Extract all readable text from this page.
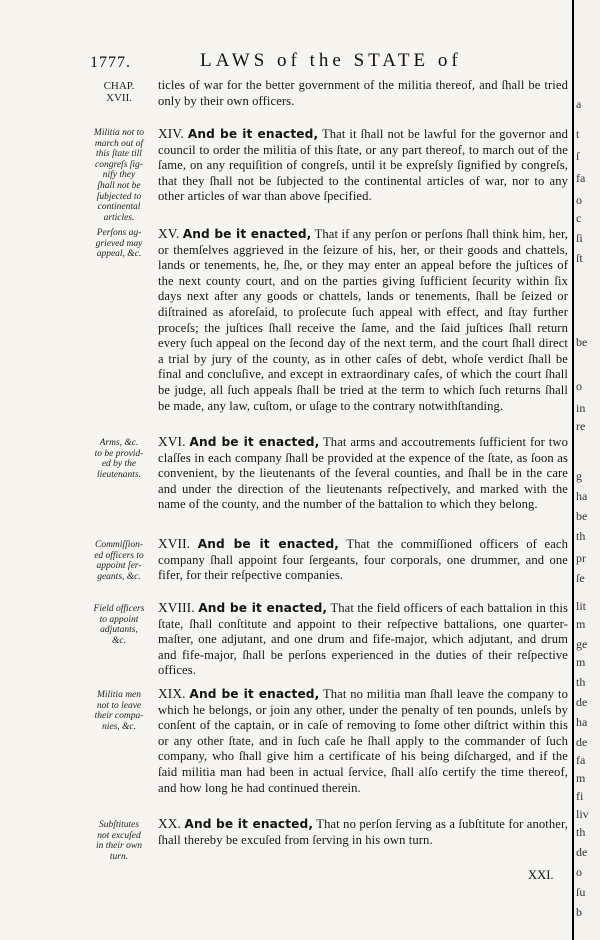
1777.	LAWS of the STATE of
CHAP.
XVII.
ticles of war for the better government of the militia thereof, and ſhall be tried only by their own officers.
Militia not to
march out of
this ſtate till
congreſs ſig-
nify they
ſhall not be
ſubjected to
continental
articles.
XIV. And be it enacted, That it ſhall not be lawful for the governor and council to order the militia of this ſtate, or any part thereof, to march out of the ſame, on any requiſition of congreſs, until it be expreſsly ſignified by congreſs, that they ſhall not be ſubjected to the continental articles of war, nor to any other articles of war than above ſpecified.
Perſons ag-
grieved may
appeal, &c.
XV. And be it enacted, That if any perſon or perſons ſhall think him, her, or themſelves aggrieved in the ſeizure of his, her, or their goods and chattels, lands or tenements, he, ſhe, or they may enter an appeal before the juſtices of the next county court, and on the parties giving ſufficient ſecurity within ſix days next after any goods or chattels, lands or tenements, ſhall be ſeized or diſtrained as aforeſaid, to proſecute ſuch appeal with effect, and ſtay further proceſs; the juſtices ſhall receive the ſame, and the ſaid juſtices ſhall return every ſuch appeal on the ſecond day of the next term, and the court ſhall direct a trial by jury of the county, as in other caſes of debt, whoſe verdict ſhall be final and concluſive, and except in extraordinary caſes, of which the court ſhall be judge, all ſuch appeals ſhall be tried at the term to which ſuch returns ſhall be made, any law, cuſtom, or uſage to the contrary notwithſtanding.
Arms, &c.
to be provid-
ed by the
lieutenants.
XVI. And be it enacted, That arms and accoutrements ſufficient for two claſſes in each company ſhall be provided at the expence of the ſtate, as ſoon as convenient, by the lieutenants of the ſeveral counties, and ſhall be in the care and under the direction of the lieutenants reſpectively, and marked with the name of the county, and the number of the battalion to which they belong.
Commiſſion-
ed officers to
appoint ſer-
geants, &c.
XVII. And be it enacted, That the commiſſioned officers of each company ſhall appoint four ſergeants, four corporals, one drummer, and one fifer, for their reſpective companies.
Field officers
to appoint
adjutants,
&c.
XVIII. And be it enacted, That the field officers of each battalion in this ſtate, ſhall conſtitute and appoint to their reſpective battalions, one quarter-maſter, one adjutant, and one drum and fife-major, which adjutant, and drum and fife-major, ſhall be perſons experienced in the duties of their reſpective offices.
Militia men
not to leave
their compa-
nies, &c.
XIX. And be it enacted, That no militia man ſhall leave the company to which he belongs, or join any other, under the penalty of ten pounds, unleſs by conſent of the captain, or in caſe of removing to ſome other diſtrict within this or any other ſtate, and in ſuch caſe he ſhall apply to the commander of ſuch company, who ſhall give him a certificate of his being diſcharged, and if the ſaid militia man had been in actual ſervice, ſhall alſo certify the time thereof, and how long he had continued therein.
Subſtitutes
not excuſed
in their own
turn.
XX. And be it enacted, That no perſon ſerving as a ſubſtitute for another, ſhall thereby be excuſed from ſerving in his own turn.
XXI.
a
t
ſ
fa
o
c
ſi
ſt
be
o
in
re
g
ha
be
th
pr
ſe
lit
m
ge
m
th
de
ha
de
fa
m
fi
liv
th
de
o
ſu
b
